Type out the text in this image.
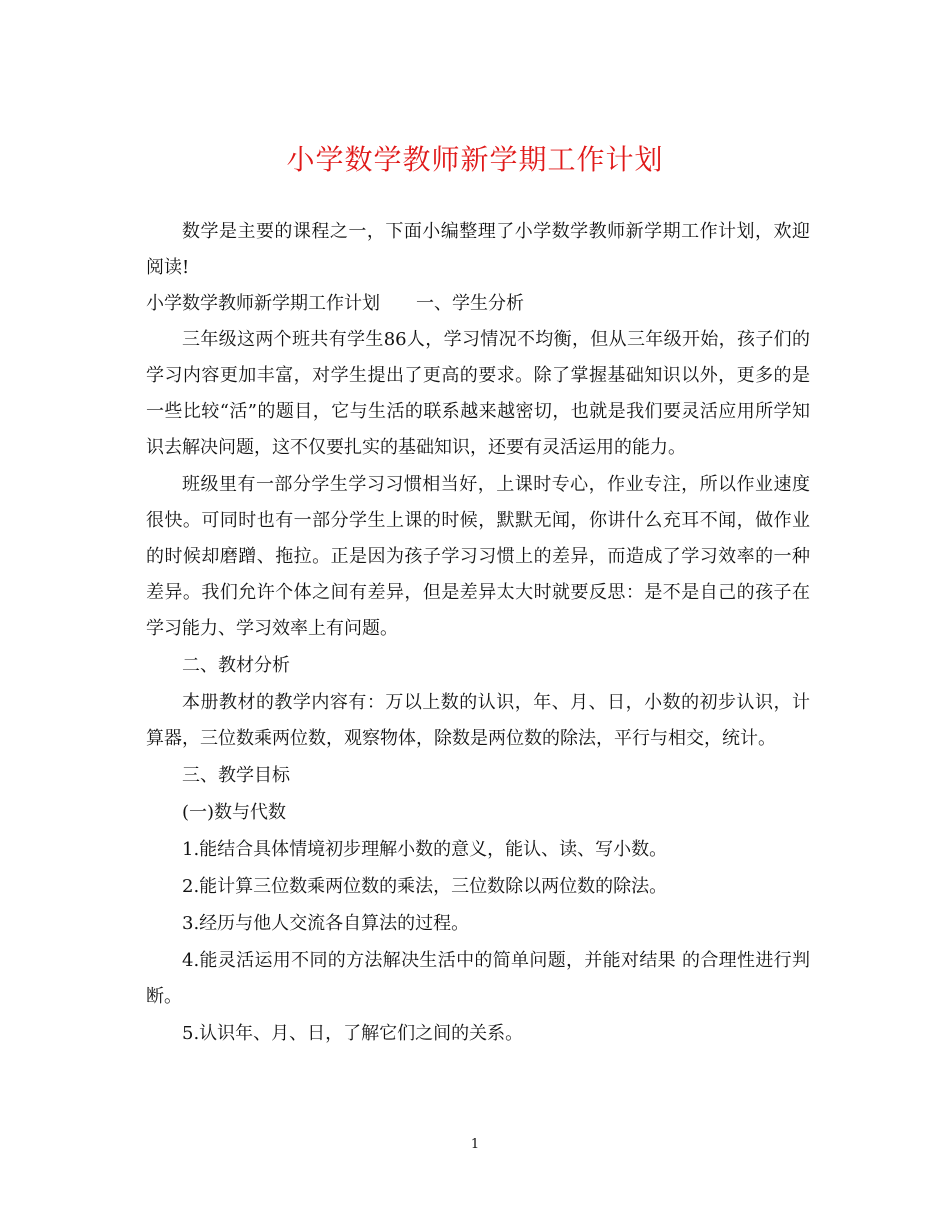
小学数学教师新学期工作计划

数学是主要的课程之一，下面小编整理了小学数学教师新学期工作计划，欢迎阅读!

小学数学教师新学期工作计划　　一、学生分析

三年级这两个班共有学生86人，学习情况不均衡，但从三年级开始，孩子们的学习内容更加丰富，对学生提出了更高的要求。除了掌握基础知识以外，更多的是一些比较“活”的题目，它与生活的联系越来越密切，也就是我们要灵活应用所学知识去解决问题，这不仅要扎实的基础知识，还要有灵活运用的能力。

班级里有一部分学生学习习惯相当好，上课时专心，作业专注，所以作业速度很快。可同时也有一部分学生上课的时候，默默无闻，你讲什么充耳不闻，做作业的时候却磨蹭、拖拉。正是因为孩子学习习惯上的差异，而造成了学习效率的一种差异。我们允许个体之间有差异，但是差异太大时就要反思：是不是自己的孩子在学习能力、学习效率上有问题。

二、教材分析

本册教材的教学内容有：万以上数的认识，年、月、日，小数的初步认识，计算器，三位数乘两位数，观察物体，除数是两位数的除法，平行与相交，统计。

三、教学目标

(一)数与代数

1.能结合具体情境初步理解小数的意义，能认、读、写小数。

2.能计算三位数乘两位数的乘法，三位数除以两位数的除法。

3.经历与他人交流各自算法的过程。

4.能灵活运用不同的方法解决生活中的简单问题，并能对结果 的合理性进行判断。

5.认识年、月、日，了解它们之间的关系。

1
